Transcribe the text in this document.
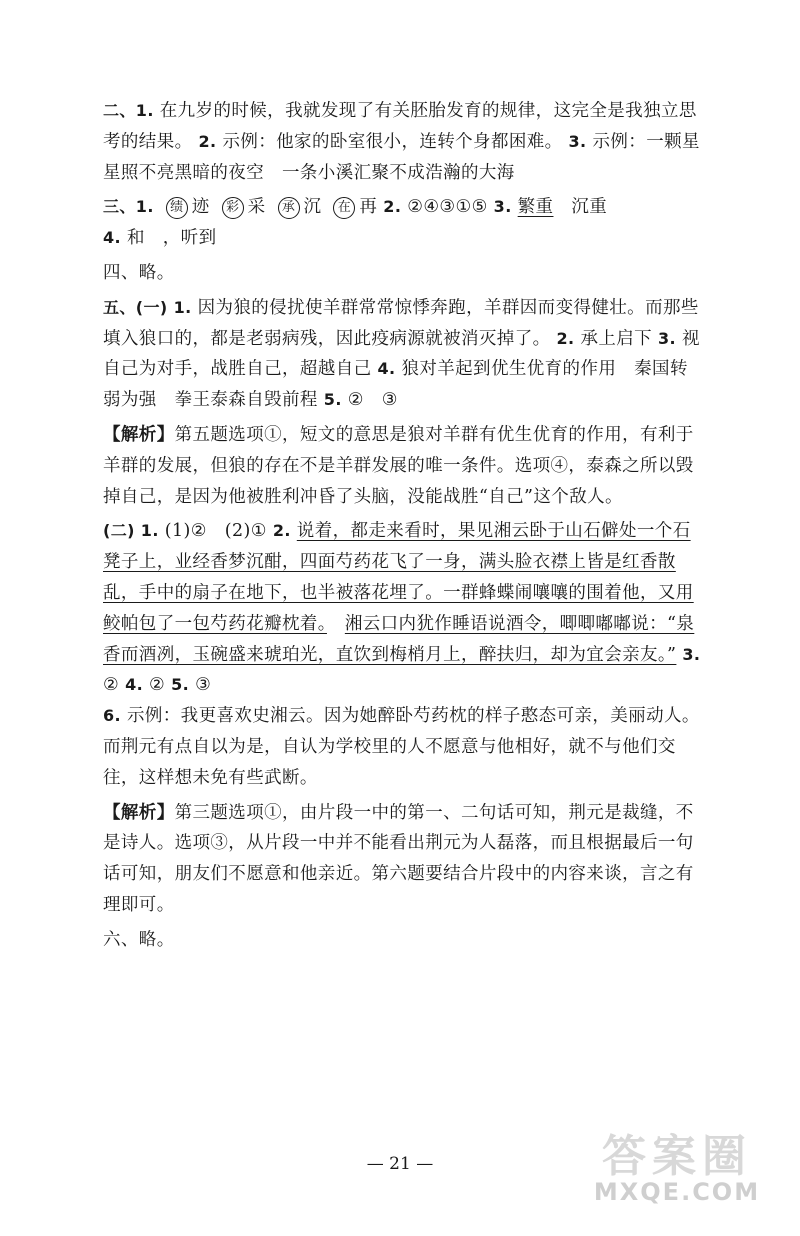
二、1. 在九岁的时候，我就发现了有关胚胎发育的规律，这完全是我独立思考的结果。 2. 示例：他家的卧室很小，连转个身都困难。 3. 示例：一颗星星照不亮黑暗的夜空　一条小溪汇聚不成浩瀚的大海

三、1. 绩 迹 彩 采 承 沉 在 再 2. ②④③①⑤ 3. 繁重　沉重
4. 和　，听到

四、略。

五、(一) 1. 因为狼的侵扰使羊群常常惊悸奔跑，羊群因而变得健壮。而那些填入狼口的，都是老弱病残，因此疫病源就被消灭掉了。 2. 承上启下 3. 视自己为对手，战胜自己，超越自己 4. 狼对羊起到优生优育的作用　秦国转弱为强　拳王泰森自毁前程 5. ②　③

【解析】第五题选项①，短文的意思是狼对羊群有优生优育的作用，有利于羊群的发展，但狼的存在不是羊群发展的唯一条件。选项④，泰森之所以毁掉自己，是因为他被胜利冲昏了头脑，没能战胜“自己”这个敌人。

(二) 1. (1)②　(2)① 2. 说着，都走来看时，果见湘云卧于山石僻处一个石凳子上，业经香梦沉酣，四面芍药花飞了一身，满头脸衣襟上皆是红香散乱，手中的扇子在地下，也半被落花埋了。一群蜂蝶闹嚷嚷的围着他，又用鲛帕包了一包芍药花瓣枕着。　 湘云口内犹作睡语说酒令，唧唧嘟嘟说：“泉香而酒冽，玉碗盛来琥珀光，直饮到梅梢月上，醉扶归，却为宜会亲友。” 3. ② 4. ② 5. ③
6. 示例：我更喜欢史湘云。因为她醉卧芍药枕的样子憨态可亲，美丽动人。而荆元有点自以为是，自认为学校里的人不愿意与他相好，就不与他们交往，这样想未免有些武断。

【解析】第三题选项①，由片段一中的第一、二句话可知，荆元是裁缝，不是诗人。选项③，从片段一中并不能看出荆元为人磊落，而且根据最后一句话可知，朋友们不愿意和他亲近。第六题要结合片段中的内容来谈，言之有理即可。

六、略。

— 21 —	答案圈
MXQE.COM
